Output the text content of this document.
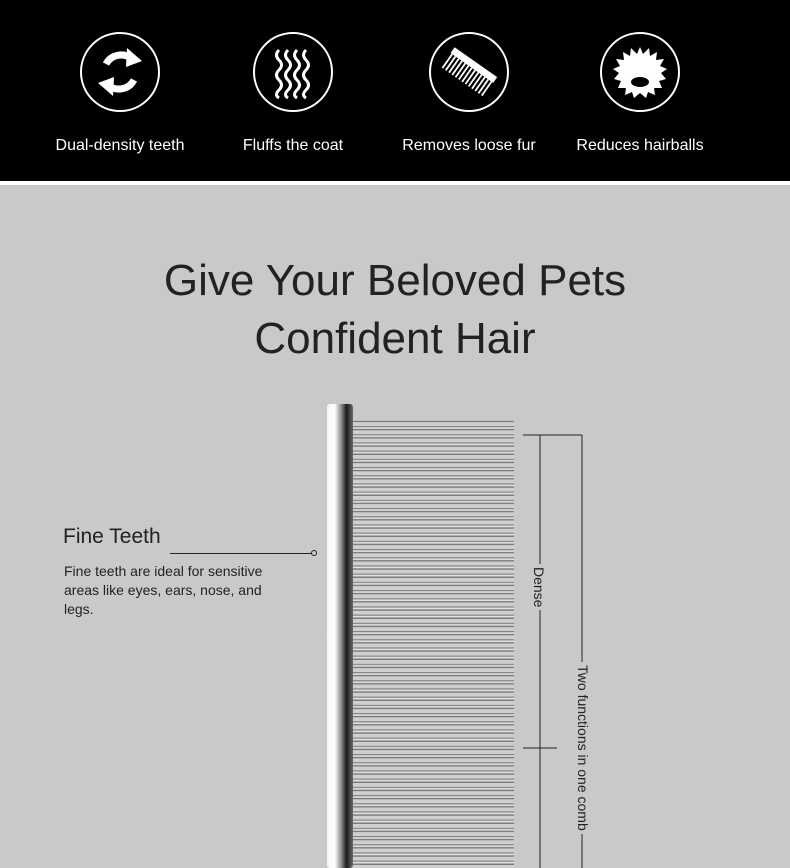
Dual-density teeth	Fluffs the coat	Removes loose fur	Reduces hairballs
Give Your Beloved Pets
Confident Hair
Fine Teeth
Fine teeth are ideal for sensitive areas like eyes, ears, nose, and legs.
Dense
Two functions in one comb
